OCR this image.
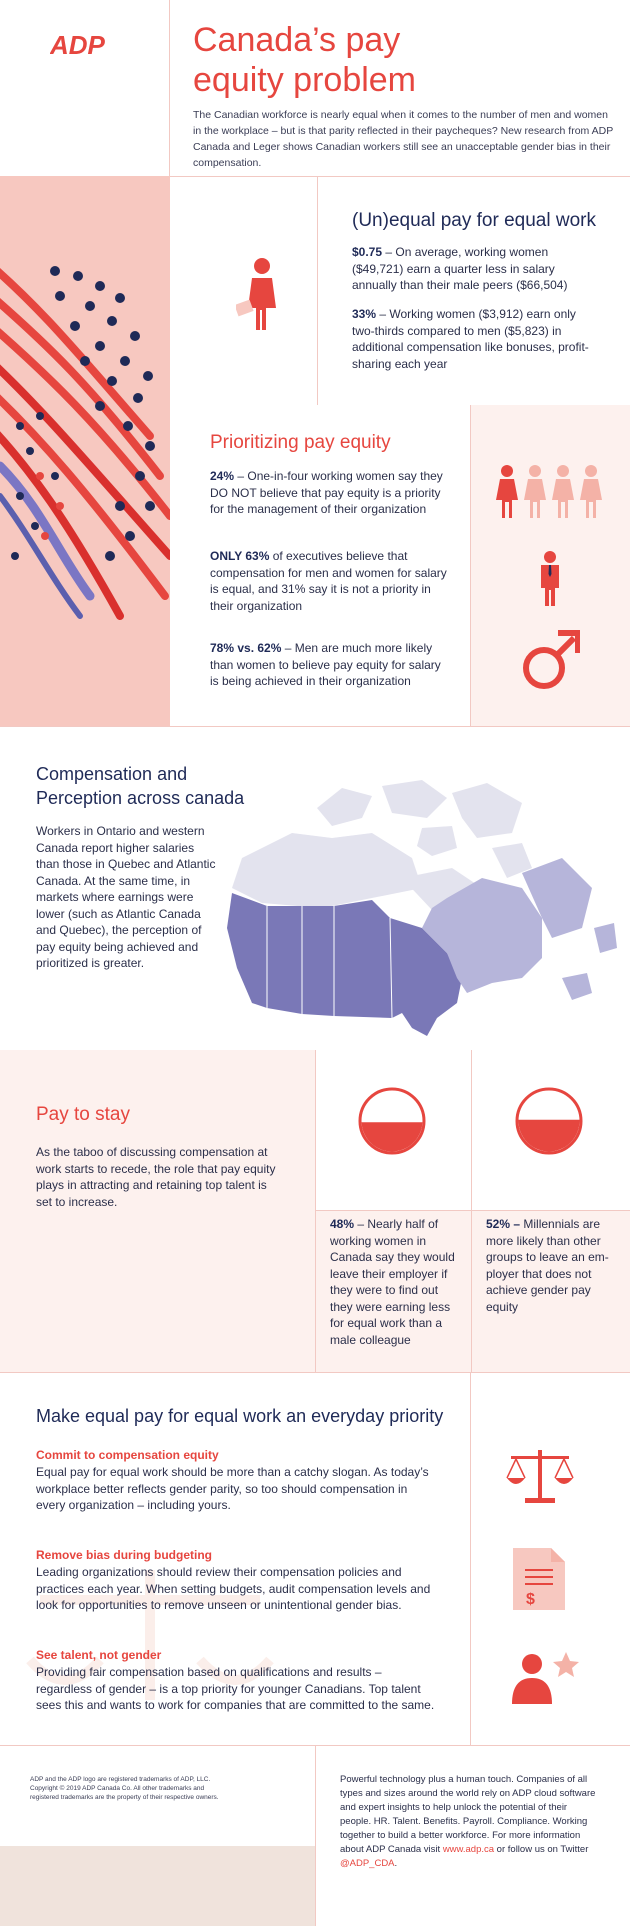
ADP	Canada’s pay
equity problem
The Canadian workforce is nearly equal when it comes to the number of men and women in the workplace – but is that parity reflected in their paycheques? New research from ADP Canada and Leger shows Canadian workers still see an unacceptable gender bias in their compensation.
(Un)equal pay for equal work
$0.75 – On average, working women ($49,721) earn a quarter less in salary annually than their male peers ($66,504)
33% – Working women ($3,912) earn only two-thirds compared to men ($5,823) in additional compensation like bonuses, profit-sharing each year
Prioritizing pay equity
24% – One-in-four working women say they DO NOT believe that pay equity is a priority for the management of their organization
ONLY 63% of executives believe that compensation for men and women for salary is equal, and 31% say it is not a priority in their organization
78% vs. 62% – Men are much more likely than women to believe pay equity for salary is being achieved in their organization
Compensation and
Perception across canada
Workers in Ontario and western Canada report higher salaries than those in Quebec and Atlantic Canada. At the same time, in markets where earnings were lower (such as Atlantic Canada and Quebec), the perception of pay equity being achieved and prioritized is greater.
Pay to stay
As the taboo of discussing compensation at work starts to recede, the role that pay equity plays in attracting and retaining top talent is set to increase.
48% – Nearly half of working women in Canada say they would leave their employer if they were to find out they were earning less for equal work than a male colleague
52% – Millennials are more likely than other groups to leave an em-ployer that does not achieve gender pay equity
Make equal pay for equal work an everyday priority
Commit to compensation equity
Equal pay for equal work should be more than a catchy slogan. As today’s workplace better reflects gender parity, so too should compensation in every organization – including yours.
Remove bias during budgeting
Leading organizations should review their compensation policies and practices each year. When setting budgets, audit compensation levels and look for opportunities to remove unseen or unintentional gender bias.
See talent, not gender
Providing fair compensation based on qualifications and results – regardless of gender – is a top priority for younger Canadians. Top talent sees this and wants to work for companies that are committed to the same.
$
ADP and the ADP logo are registered trademarks of ADP, LLC. Copyright © 2019 ADP Canada Co. All other trademarks and registered trademarks are the property of their respective owners.
Powerful technology plus a human touch. Companies of all types and sizes around the world rely on ADP cloud software and expert insights to help unlock the potential of their people. HR. Talent. Benefits. Payroll. Compliance. Working together to build a better workforce. For more information about ADP Canada visit www.adp.ca or follow us on Twitter @ADP_CDA.
